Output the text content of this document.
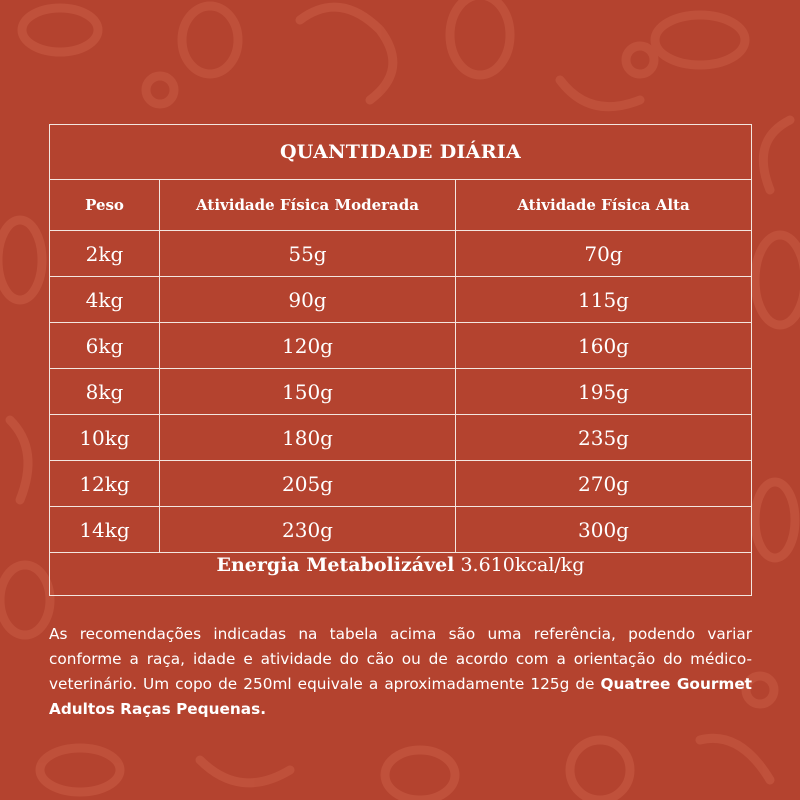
QUANTIDADE DIÁRIA
Peso	Atividade Física Moderada	Atividade Física Alta
2kg	55g	70g
4kg	90g	115g
6kg	120g	160g
8kg	150g	195g
10kg	180g	235g
12kg	205g	270g
14kg	230g	300g
Energia Metabolizável 3.610kcal/kg

As recomendações indicadas na tabela acima são uma referência, podendo variar conforme a raça, idade e atividade do cão ou de acordo com a orientação do médico-veterinário. Um copo de 250ml equivale a aproximadamente 125g de Quatree Gourmet Adultos Raças Pequenas.
